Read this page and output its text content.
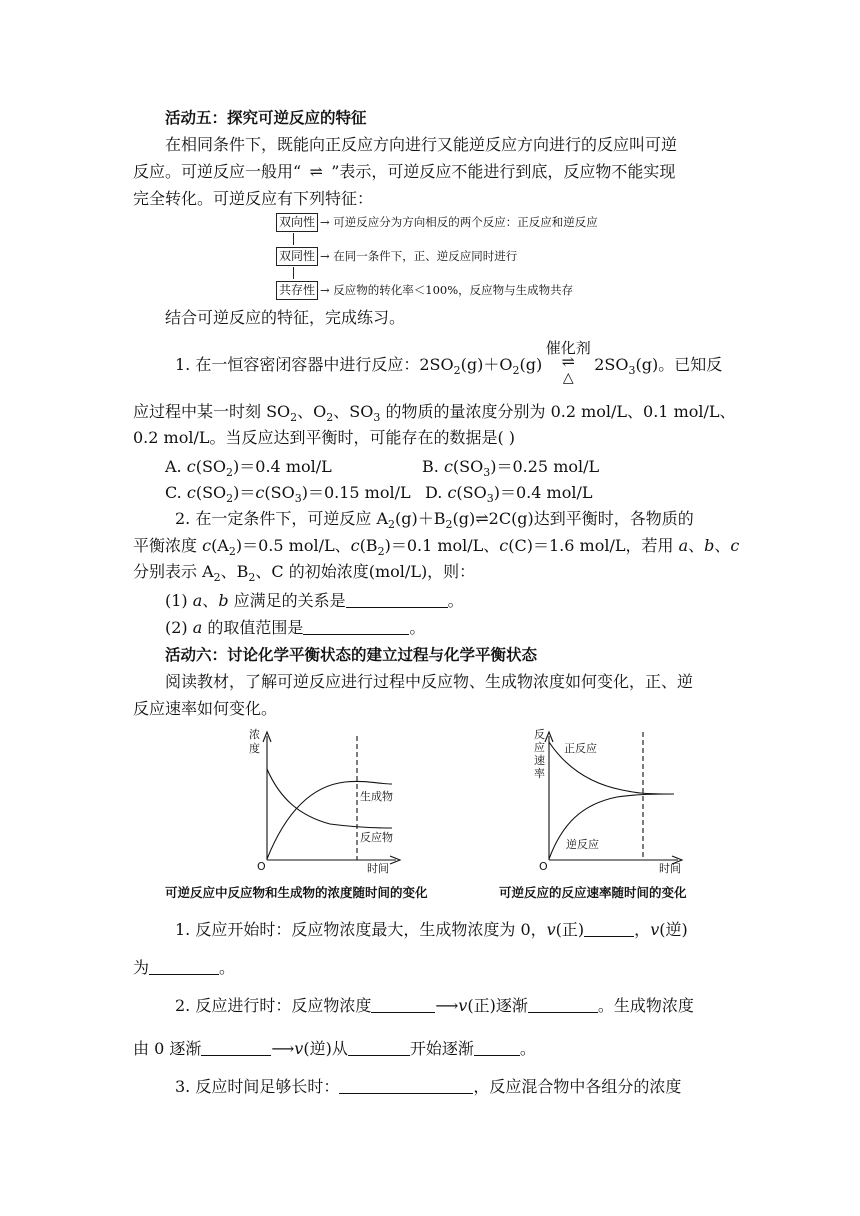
活动五：探究可逆反应的特征
在相同条件下，既能向正反应方向进行又能逆反应方向进行的反应叫可逆
反应。可逆反应一般用“ ⇌ ”表示，可逆反应不能进行到底，反应物不能实现
完全转化。可逆反应有下列特征：
双向性 → 可逆反应分为方向相反的两个反应：正反应和逆反应
双同性 → 在同一条件下，正、逆反应同时进行
共存性 → 反应物的转化率＜100%，反应物与生成物共存
结合可逆反应的特征，完成练习。
1. 在一恒容密闭容器中进行反应：$2SO_2(g)+O_2(g)$
催化剂
⇌
△
$2SO_3(g)$。已知反
应过程中某一时刻 $SO_2$、$O_2$、$SO_3$ 的物质的量浓度分别为 0.2 mol/L、0.1 mol/L、
0.2 mol/L。当反应达到平衡时，可能存在的数据是( )
A. $c(SO_2)=0.4$ mol/L	B. $c(SO_3)=0.25$ mol/L
C. $c(SO_2)=c(SO_3)=0.15$ mol/L D. $c(SO_3)=0.4$ mol/L
2. 在一定条件下，可逆反应 $A_2(g)+B_2(g)\rightleftharpoons 2C(g)$达到平衡时，各物质的
平衡浓度 $c(A_2)=0.5$ mol/L、$c(B_2)=0.1$ mol/L、c(C)＝1.6 mol/L，若用 a、b、c
分别表示 $A_2$、$B_2$、C 的初始浓度(mol/L)，则：
(1) a、b 应满足的关系是	。
(2) a 的取值范围是	。
活动六：讨论化学平衡状态的建立过程与化学平衡状态
阅读教材，了解可逆反应进行过程中反应物、生成物浓度如何变化，正、逆
反应速率如何变化。
浓
度
O	时间
生成物
反应物
反
应
速
率
O	时间
正反应
逆反应
可逆反应中反应物和生成物的浓度随时间的变化	可逆反应的反应速率随时间的变化
1. 反应开始时：反应物浓度最大，生成物浓度为 0，v(正)	，v(逆)
为	。
2. 反应进行时：反应物浓度	⟶v(正)逐渐	。生成物浓度
由 0 逐渐	⟶v(逆)从	开始逐渐	。
3. 反应时间足够长时：	，反应混合物中各组分的浓度
